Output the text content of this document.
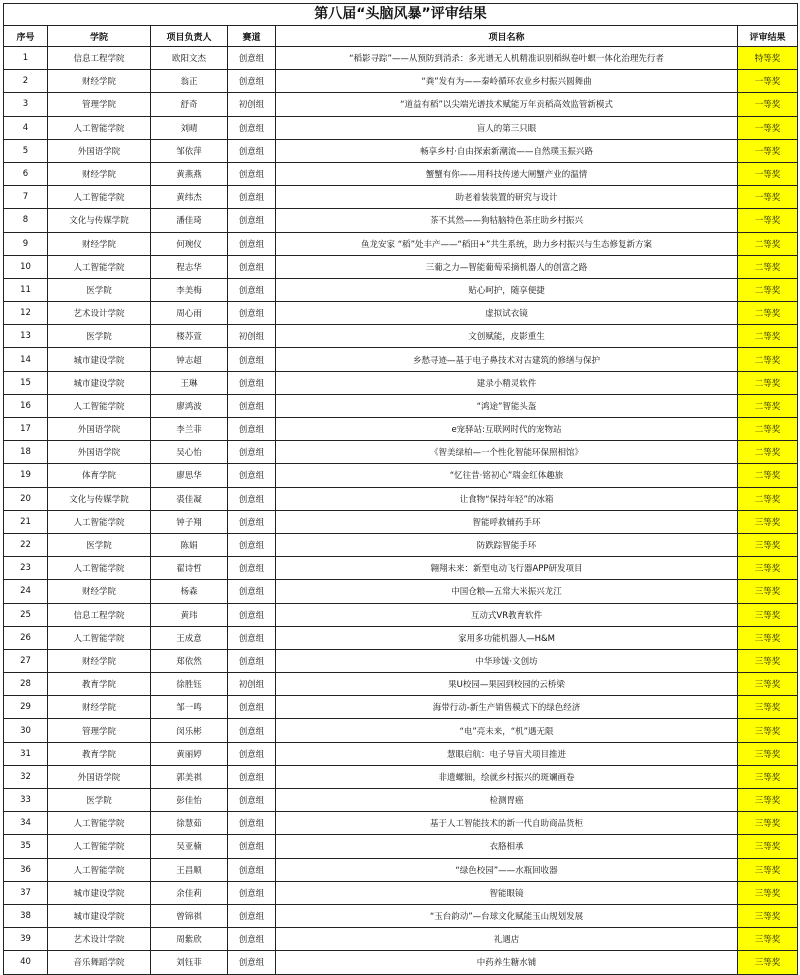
第八届“头脑风暴”评审结果
序号	学院	项目负责人	赛道	项目名称	评审结果
1	信息工程学院	欧阳文杰	创意组	“稻影寻踪”——从预防到消杀：多光谱无人机精准识别稻纵卷叶螟一体化治理先行者	特等奖
2	财经学院	翁正	创意组	“粪”发有为——秦岭循环农业乡村振兴圆舞曲	一等奖
3	管理学院	舒奇	初创组	“道益有稻”以尖端光谱技术赋能万年贡稻高效监管新模式	一等奖
4	人工智能学院	刘晴	创意组	盲人的第三只眼	一等奖
5	外国语学院	邹依萍	创意组	畅享乡村·自由探索新潮流——自然璞玉振兴路	一等奖
6	财经学院	黄燕燕	创意组	蟹蟹有你——用科技传递大闸蟹产业的温情	一等奖
7	人工智能学院	黄纬杰	创意组	助老着装装置的研究与设计	一等奖
8	文化与传媒学院	潘佳琦	创意组	茶不其然——狗牯脑特色茶庄助乡村振兴	一等奖
9	财经学院	何琬仪	创意组	鱼龙安家 “稻”处丰产——“稻田+”共生系统，助力乡村振兴与生态修复新方案	二等奖
10	人工智能学院	程志华	创意组	三葡之力—智能葡萄采摘机器人的创富之路	二等奖
11	医学院	李美梅	创意组	贴心呵护，随享便捷	二等奖
12	艺术设计学院	周心雨	创意组	虚拟试衣镜	二等奖
13	医学院	楼苏萱	初创组	文创赋能，皮影重生	二等奖
14	城市建设学院	钟志超	创意组	乡愁寻迹—基于电子鼻技术对古建筑的修缮与保护	二等奖
15	城市建设学院	王琳	创意组	建录小精灵软件	二等奖
16	人工智能学院	廖鸿波	创意组	“鸿途”智能头盔	二等奖
17	外国语学院	李兰菲	创意组	e宠驿站:互联网时代的宠物站	二等奖
18	外国语学院	吴心怡	创意组	《智美绿柏—一个性化智能环保照相馆》	二等奖
19	体育学院	廖思华	创意组	“忆往昔·铭初心”瑞金红体趣旅	二等奖
20	文化与传媒学院	裘佳凝	创意组	让食物“保持年轻”的冰箱	二等奖
21	人工智能学院	钟子翔	创意组	智能呼救辅药手环	三等奖
22	医学院	陈娟	创意组	防跌踪智能手环	三等奖
23	人工智能学院	翟诗哲	创意组	翱翔未来：新型电动飞行器APP研发项目	三等奖
24	财经学院	杨森	创意组	中国仓粮—五常大米振兴龙江	三等奖
25	信息工程学院	黄玮	创意组	互动式VR教育软件	三等奖
26	人工智能学院	王成意	创意组	家用多功能机器人—H&M	三等奖
27	财经学院	郑依然	创意组	中华珍馐·文创坊	三等奖
28	教育学院	徐胜钰	初创组	果U校园—果园到校园的云桥梁	三等奖
29	财经学院	邹一鸣	创意组	海带行动-新生产销售模式下的绿色经济	三等奖
30	管理学院	闵乐彬	创意组	“电”亮未来，“机”遇无限	三等奖
31	教育学院	黄丽婷	创意组	慧眼启航：电子导盲犬项目推进	三等奖
32	外国语学院	郭美祺	创意组	非遗螺钿，绘就乡村振兴的斑斓画卷	三等奖
33	医学院	彭佳怡	创意组	检测胃癌	三等奖
34	人工智能学院	徐慧茹	创意组	基于人工智能技术的新一代自助商品货柜	三等奖
35	人工智能学院	吴亚楠	创意组	衣胳相承	三等奖
36	人工智能学院	王昌顺	创意组	“绿色校园”——水瓶回收器	三等奖
37	城市建设学院	余佳莉	创意组	智能眼镜	三等奖
38	城市建设学院	曾锦祺	创意组	“玉台韵动”—台球文化赋能玉山规划发展	三等奖
39	艺术设计学院	周紫欣	创意组	礼遇店	三等奖
40	音乐舞蹈学院	刘钰菲	创意组	中药养生糖水铺	三等奖
